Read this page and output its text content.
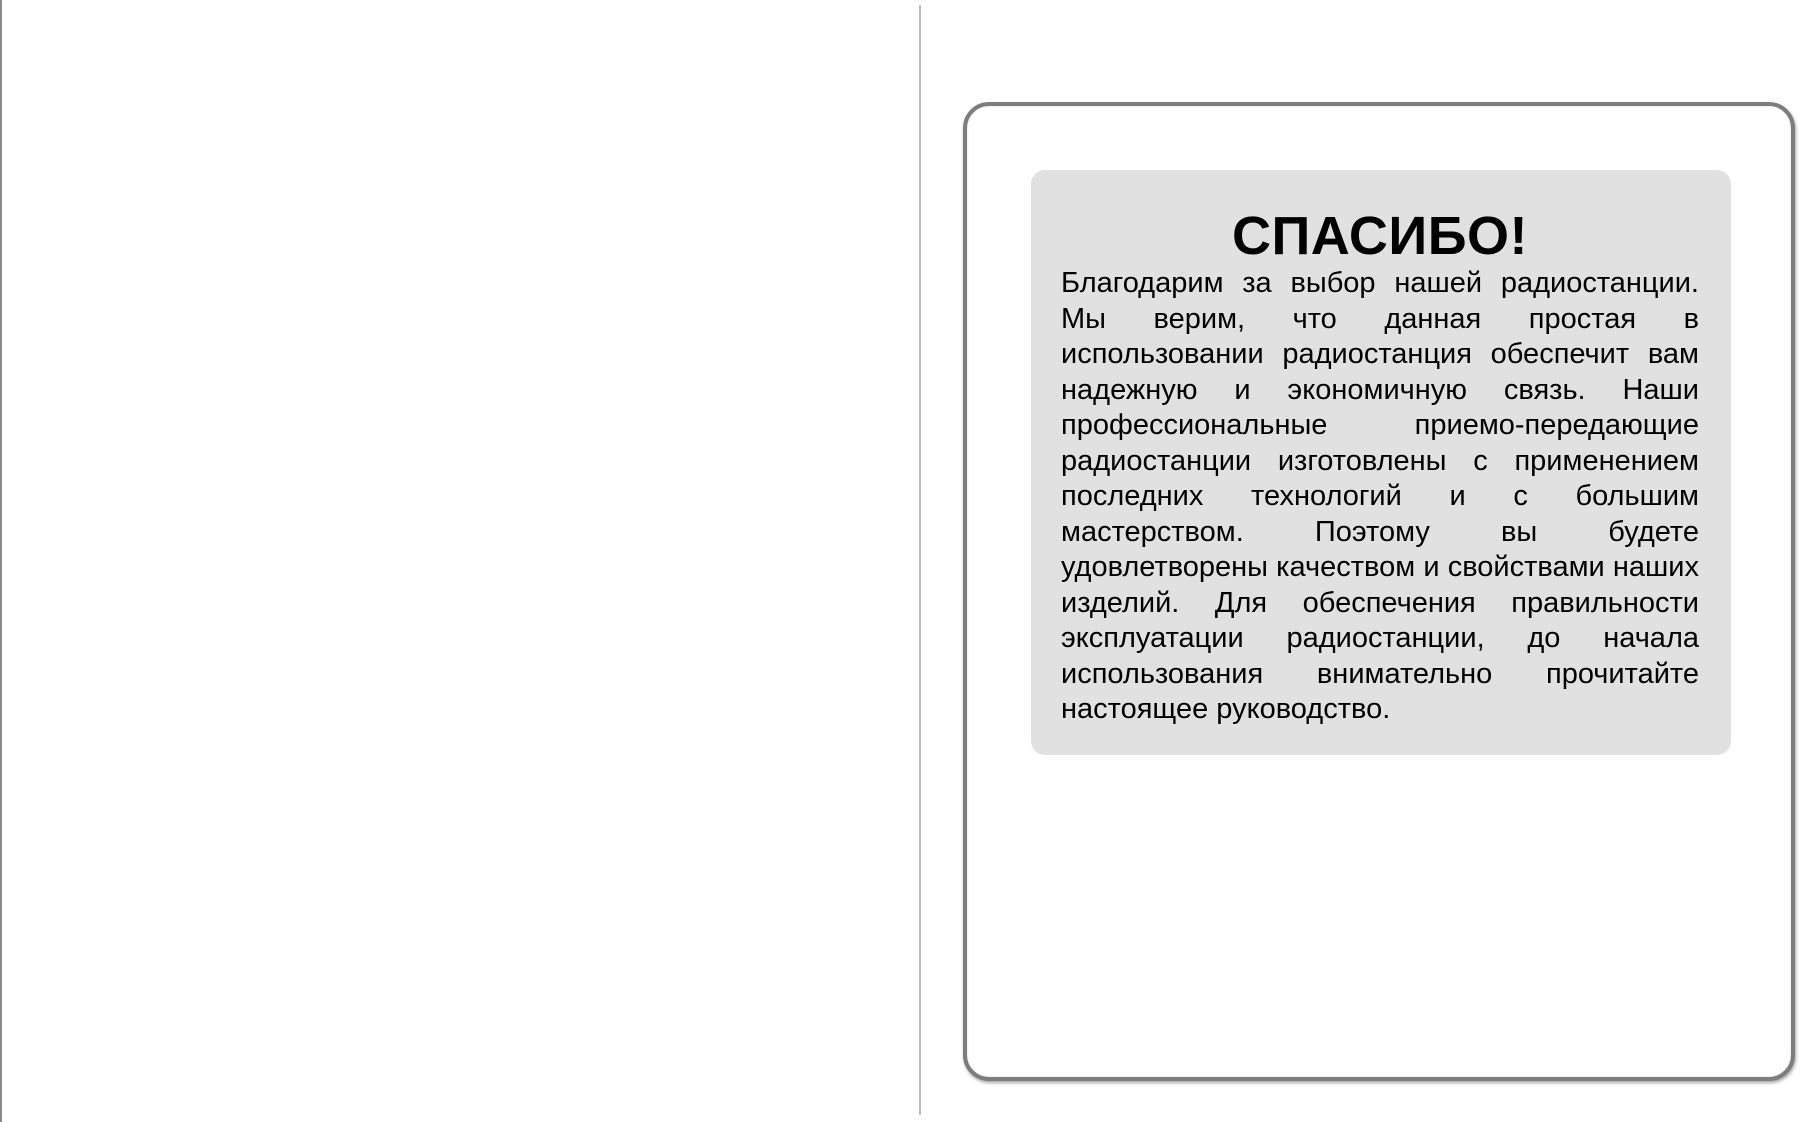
СПАСИБО!

Благодарим за выбор нашей радиостанции. Мы верим, что данная простая в использовании радиостанция обеспечит вам надежную и экономичную связь. Наши профессиональные приемо-передающие радиостанции изготовлены с применением последних технологий и с большим мастерством. Поэтому вы будете удовлетворены качеством и свойствами наших изделий. Для обеспечения правильности эксплуатации радиостанции, до начала использования внимательно прочитайте настоящее руководство.
